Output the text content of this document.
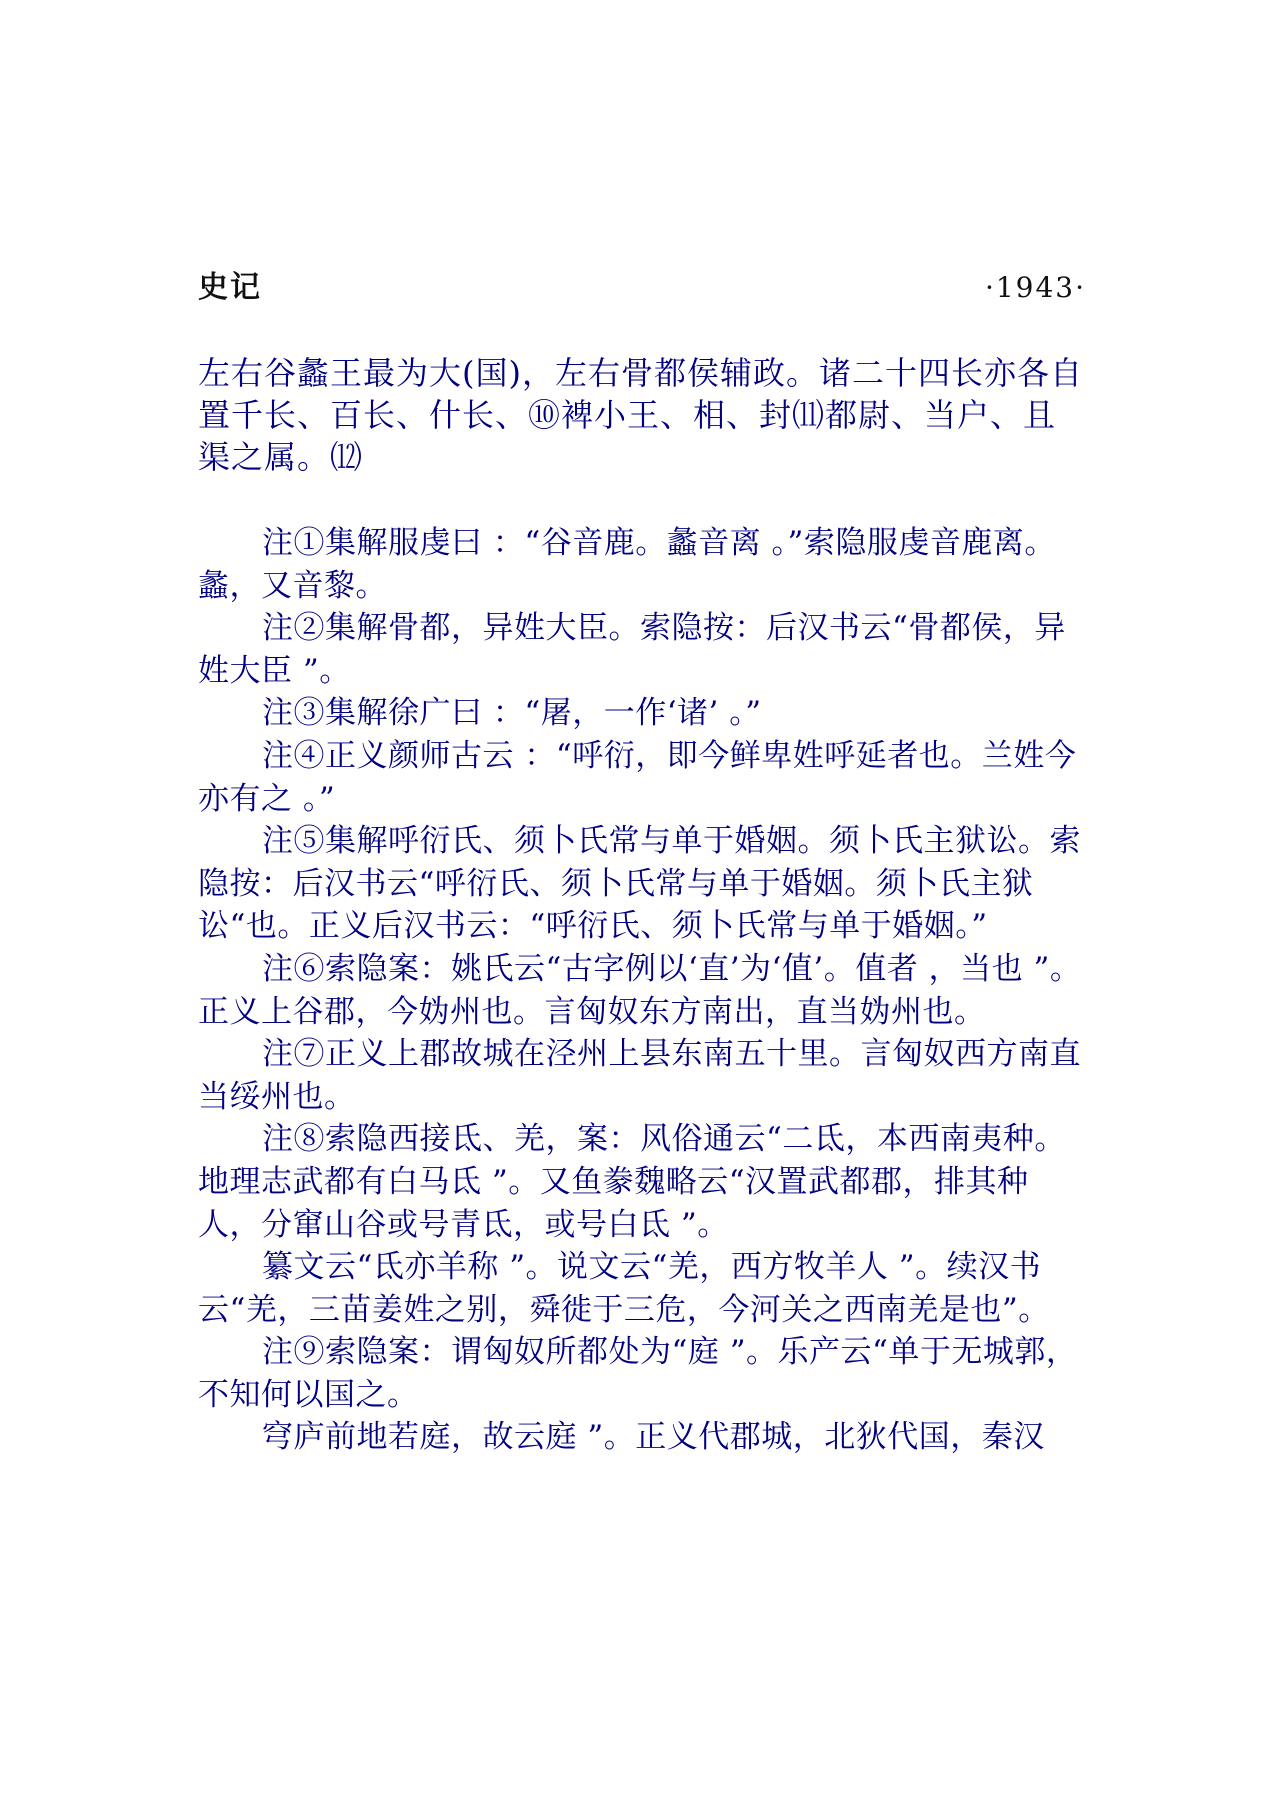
史记	·1943·

左右谷蠡王最为大(国)，左右骨都侯辅政。诸二十四长亦各自置千长、百长、什长、⑩裨小王、相、封⑾都尉、当户、且渠之属。⑿

注①集解服虔曰 ：“谷音鹿。蠡音离 。”索隐服虔音鹿离。蠡，又音黎。

注②集解骨都，异姓大臣。索隐按：后汉书云“骨都侯，异姓大臣 ”。

注③集解徐广曰 ：“屠，一作‘诸’ 。”

注④正义颜师古云 ：“呼衍，即今鲜卑姓呼延者也。兰姓今亦有之 。”

注⑤集解呼衍氏、须卜氏常与单于婚姻。须卜氏主狱讼。索隐按：后汉书云“呼衍氏、须卜氏常与单于婚姻。须卜氏主狱讼“也。正义后汉书云：“呼衍氏、须卜氏常与单于婚姻。”

注⑥索隐案：姚氏云“古字例以‘直’为‘值’。值者 ，当也 ”。正义上谷郡，今妫州也。言匈奴东方南出，直当妫州也。

注⑦正义上郡故城在泾州上县东南五十里。言匈奴西方南直当绥州也。

注⑧索隐西接氐、羌，案：风俗通云“二氐，本西南夷种。地理志武都有白马氐 ”。又鱼豢魏略云“汉置武都郡，排其种人，分窜山谷或号青氐，或号白氐 ”。

纂文云“氐亦羊称 ”。说文云“羌，西方牧羊人 ”。续汉书云“羌，三苗姜姓之别，舜徙于三危，今河关之西南羌是也”。

注⑨索隐案：谓匈奴所都处为“庭 ”。乐产云“单于无城郭，不知何以国之。

穹庐前地若庭，故云庭 ”。正义代郡城，北狄代国，秦汉
